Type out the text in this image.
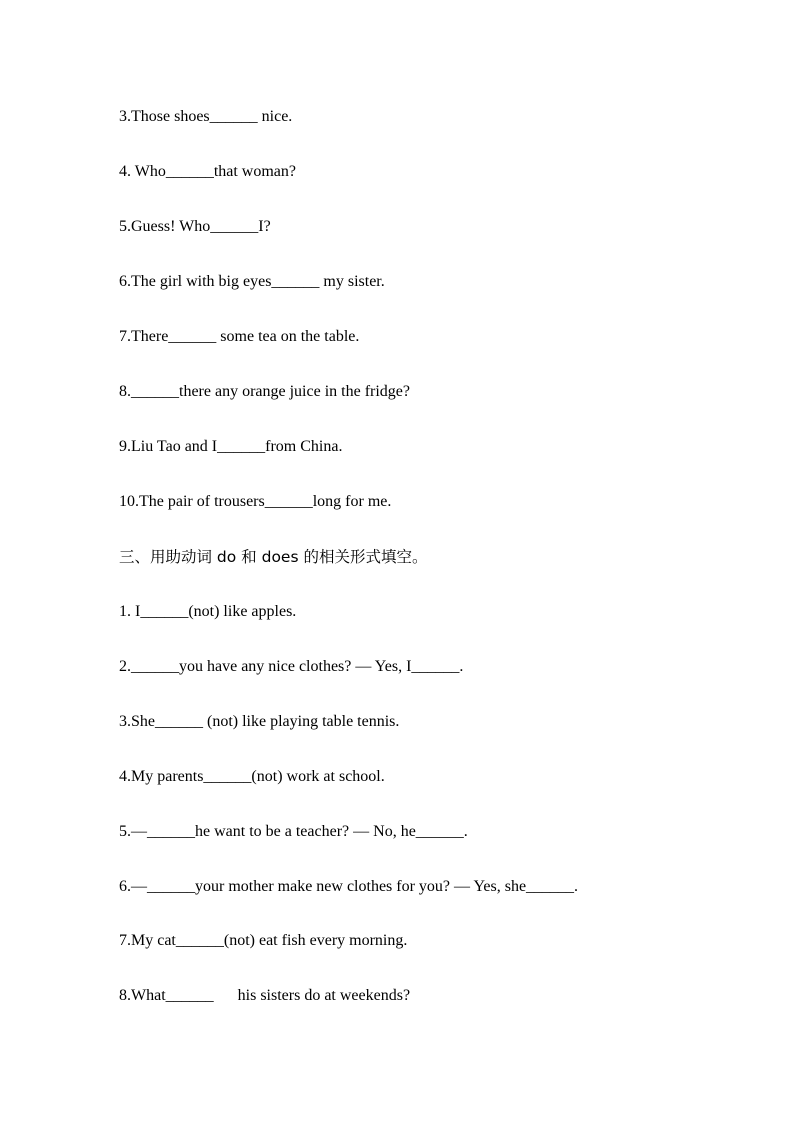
3.Those shoes______ nice.
4. Who______that woman?
5.Guess! Who______I?
6.The girl with big eyes______ my sister.
7.There______ some tea on the table.
8.______there any orange juice in the fridge?
9.Liu Tao and I______from China.
10.The pair of trousers______long for me.
三、用助动词 do 和 does 的相关形式填空。
1. I______(not) like apples.
2.______you have any nice clothes? — Yes, I______.
3.She______ (not) like playing table tennis.
4.My parents______(not) work at school.
5.—______he want to be a teacher? — No, he______.
6.—______your mother make new clothes for you? — Yes, she______.
7.My cat______(not) eat fish every morning.
8.What______      his sisters do at weekends?
